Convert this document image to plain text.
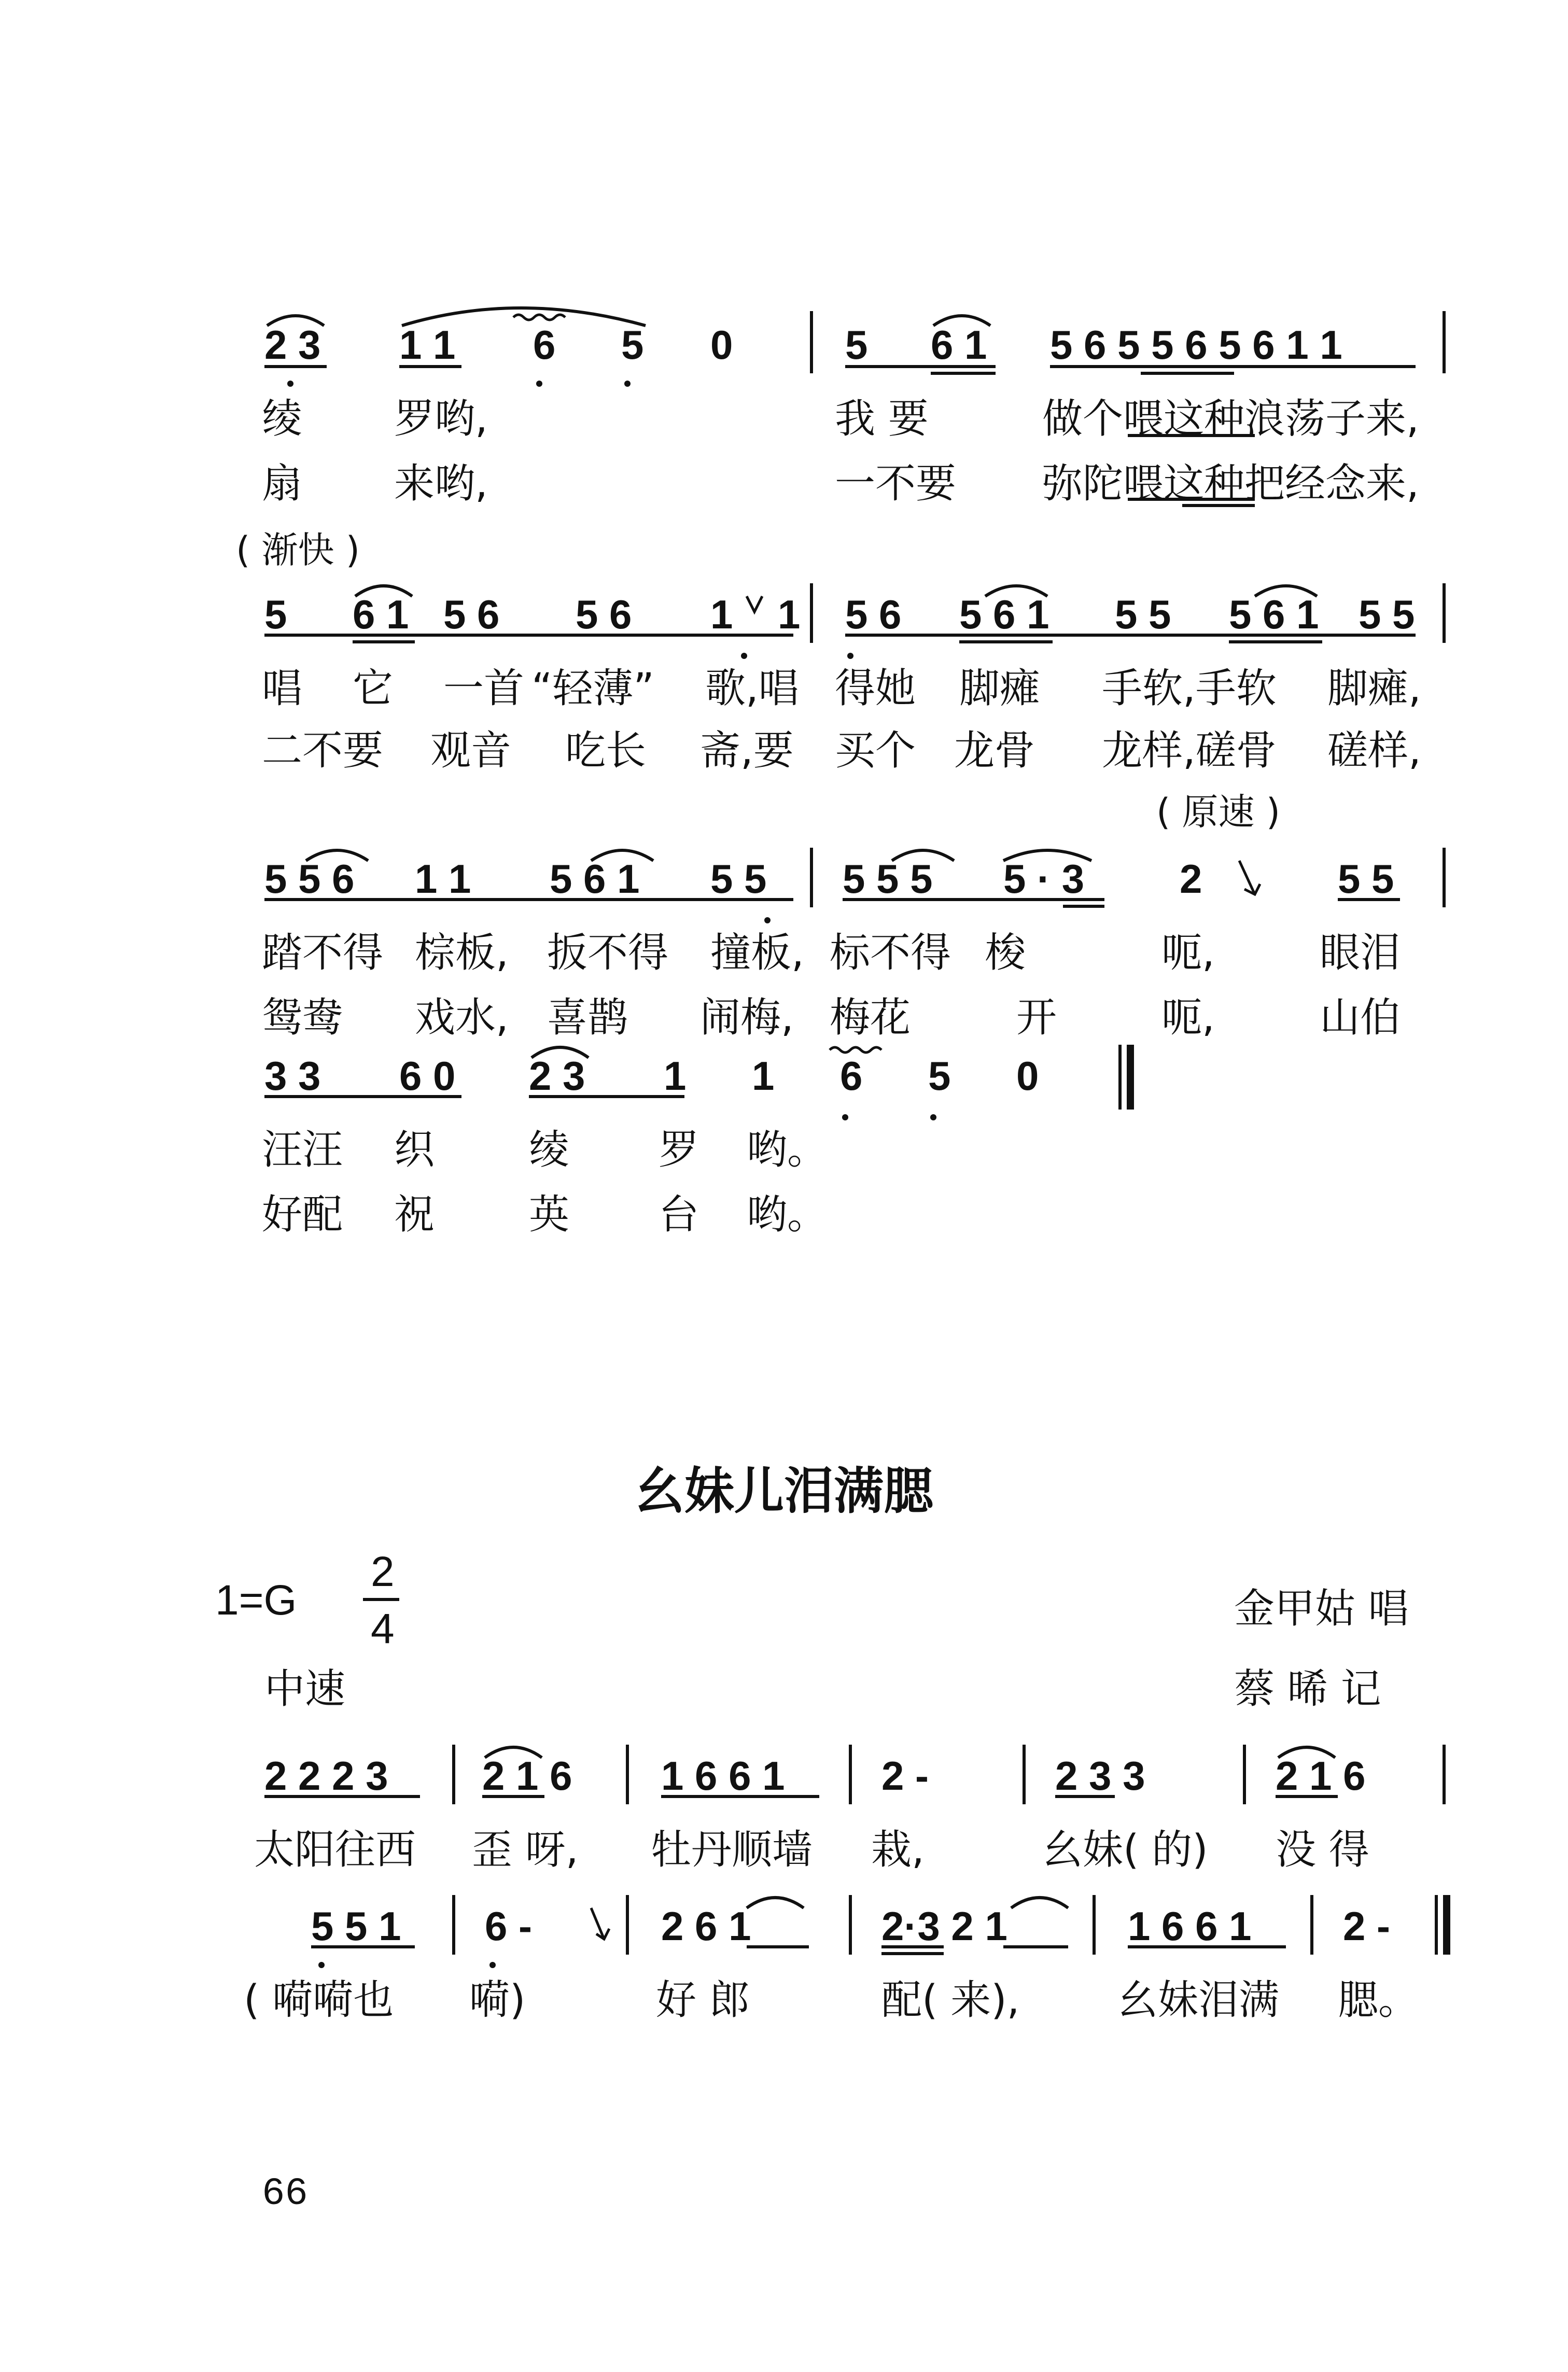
2 3 1 1 6 5 0	5 6 1 5 6 5 5 6 5 6 1 1
绫 罗哟,	我 要	做个喂这种浪荡子来,
扇 来哟,	一不要 弥陀喂这种把经念来,
( 渐快 )
5 6 1 5 6 5 6 1 1 5 6 5 6 1 5 5 5 6 1 5 5
唱 它 一首 “轻薄” 歌,唱 得她 脚瘫 手软,手软 脚瘫,
二不要 观音 吃长 斋,要 买个 龙骨 龙样,磋骨 磋样,
( 原速 )
5 5 6 1 1 5 6 1 5 5 5 5 5 5 · 3 2	5 5
踏不得 棕板, 扳不得 撞板, 标不得 梭	呃,	眼泪
鸳鸯 戏水, 喜鹊 闹梅, 梅花	开	呃,	山伯
3 3 6 0 2 3 1 1 6 5 0
汪汪 织 绫 罗 哟。
好配 祝 英 台 哟。
幺妹儿泪满腮
1=G
2
4	金甲姑 唱
中速	蔡 晞 记
2 2 2 3 2 1 6 1 6 6 1 2 -	2 3 3	2 1 6
太阳往西 歪 呀, 牡丹顺墙 栽,	幺妹( 的) 没 得
5 5 1 6 -	2 6 1	2·3 2 1	1 6 6 1 2 -
( 嗬嗬也 嗬)	好 郎	配( 来), 幺妹泪满 腮。
66
